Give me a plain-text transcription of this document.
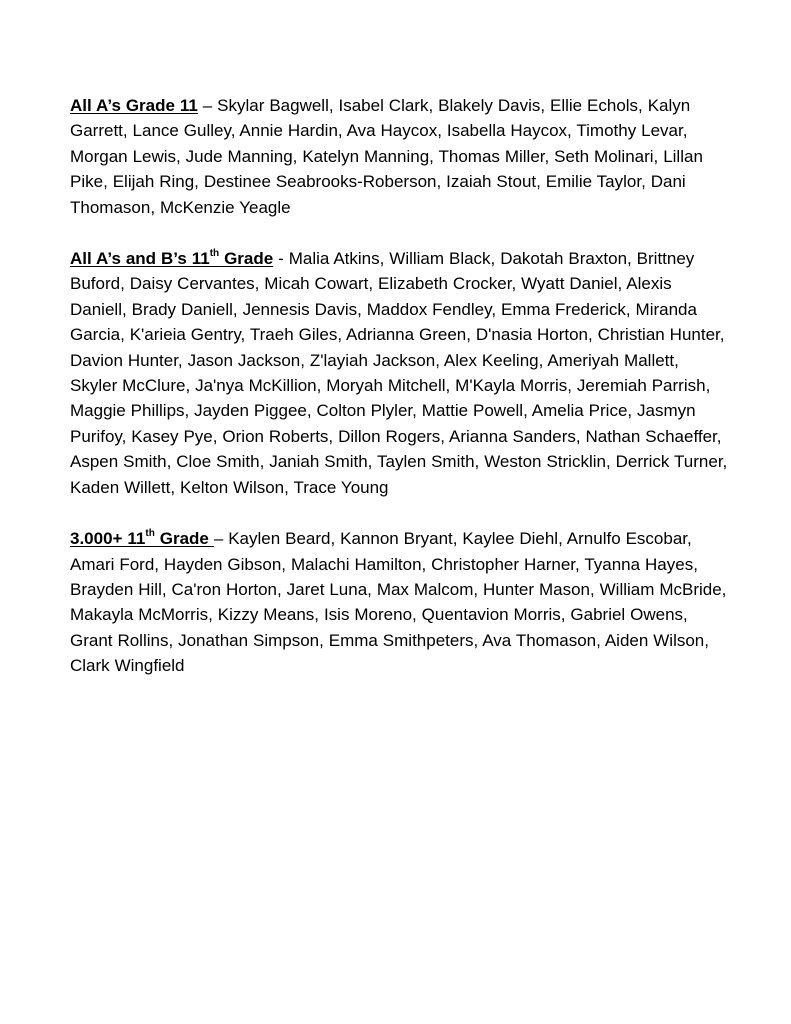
All A’s Grade 11 – Skylar Bagwell, Isabel Clark, Blakely Davis, Ellie Echols, Kalyn Garrett, Lance Gulley, Annie Hardin, Ava Haycox, Isabella Haycox, Timothy Levar, Morgan Lewis, Jude Manning, Katelyn Manning, Thomas Miller, Seth Molinari, Lillan Pike, Elijah Ring, Destinee Seabrooks-Roberson, Izaiah Stout, Emilie Taylor, Dani Thomason, McKenzie Yeagle

All A’s and B’s 11th Grade - Malia Atkins, William Black, Dakotah Braxton, Brittney Buford, Daisy Cervantes, Micah Cowart, Elizabeth Crocker, Wyatt Daniel, Alexis Daniell, Brady Daniell, Jennesis Davis, Maddox Fendley, Emma Frederick, Miranda Garcia, K'arieia Gentry, Traeh Giles, Adrianna Green, D'nasia Horton, Christian Hunter, Davion Hunter, Jason Jackson, Z'layiah Jackson, Alex Keeling, Ameriyah Mallett, Skyler McClure, Ja'nya McKillion, Moryah Mitchell, M'Kayla Morris, Jeremiah Parrish, Maggie Phillips, Jayden Piggee, Colton Plyler, Mattie Powell, Amelia Price, Jasmyn Purifoy, Kasey Pye, Orion Roberts, Dillon Rogers, Arianna Sanders, Nathan Schaeffer, Aspen Smith, Cloe Smith, Janiah Smith, Taylen Smith, Weston Stricklin, Derrick Turner, Kaden Willett, Kelton Wilson, Trace Young

3.000+ 11th Grade – Kaylen Beard, Kannon Bryant, Kaylee Diehl, Arnulfo Escobar, Amari Ford, Hayden Gibson, Malachi Hamilton, Christopher Harner, Tyanna Hayes, Brayden Hill, Ca'ron Horton, Jaret Luna, Max Malcom, Hunter Mason, William McBride, Makayla McMorris, Kizzy Means, Isis Moreno, Quentavion Morris, Gabriel Owens, Grant Rollins, Jonathan Simpson, Emma Smithpeters, Ava Thomason, Aiden Wilson, Clark Wingfield
